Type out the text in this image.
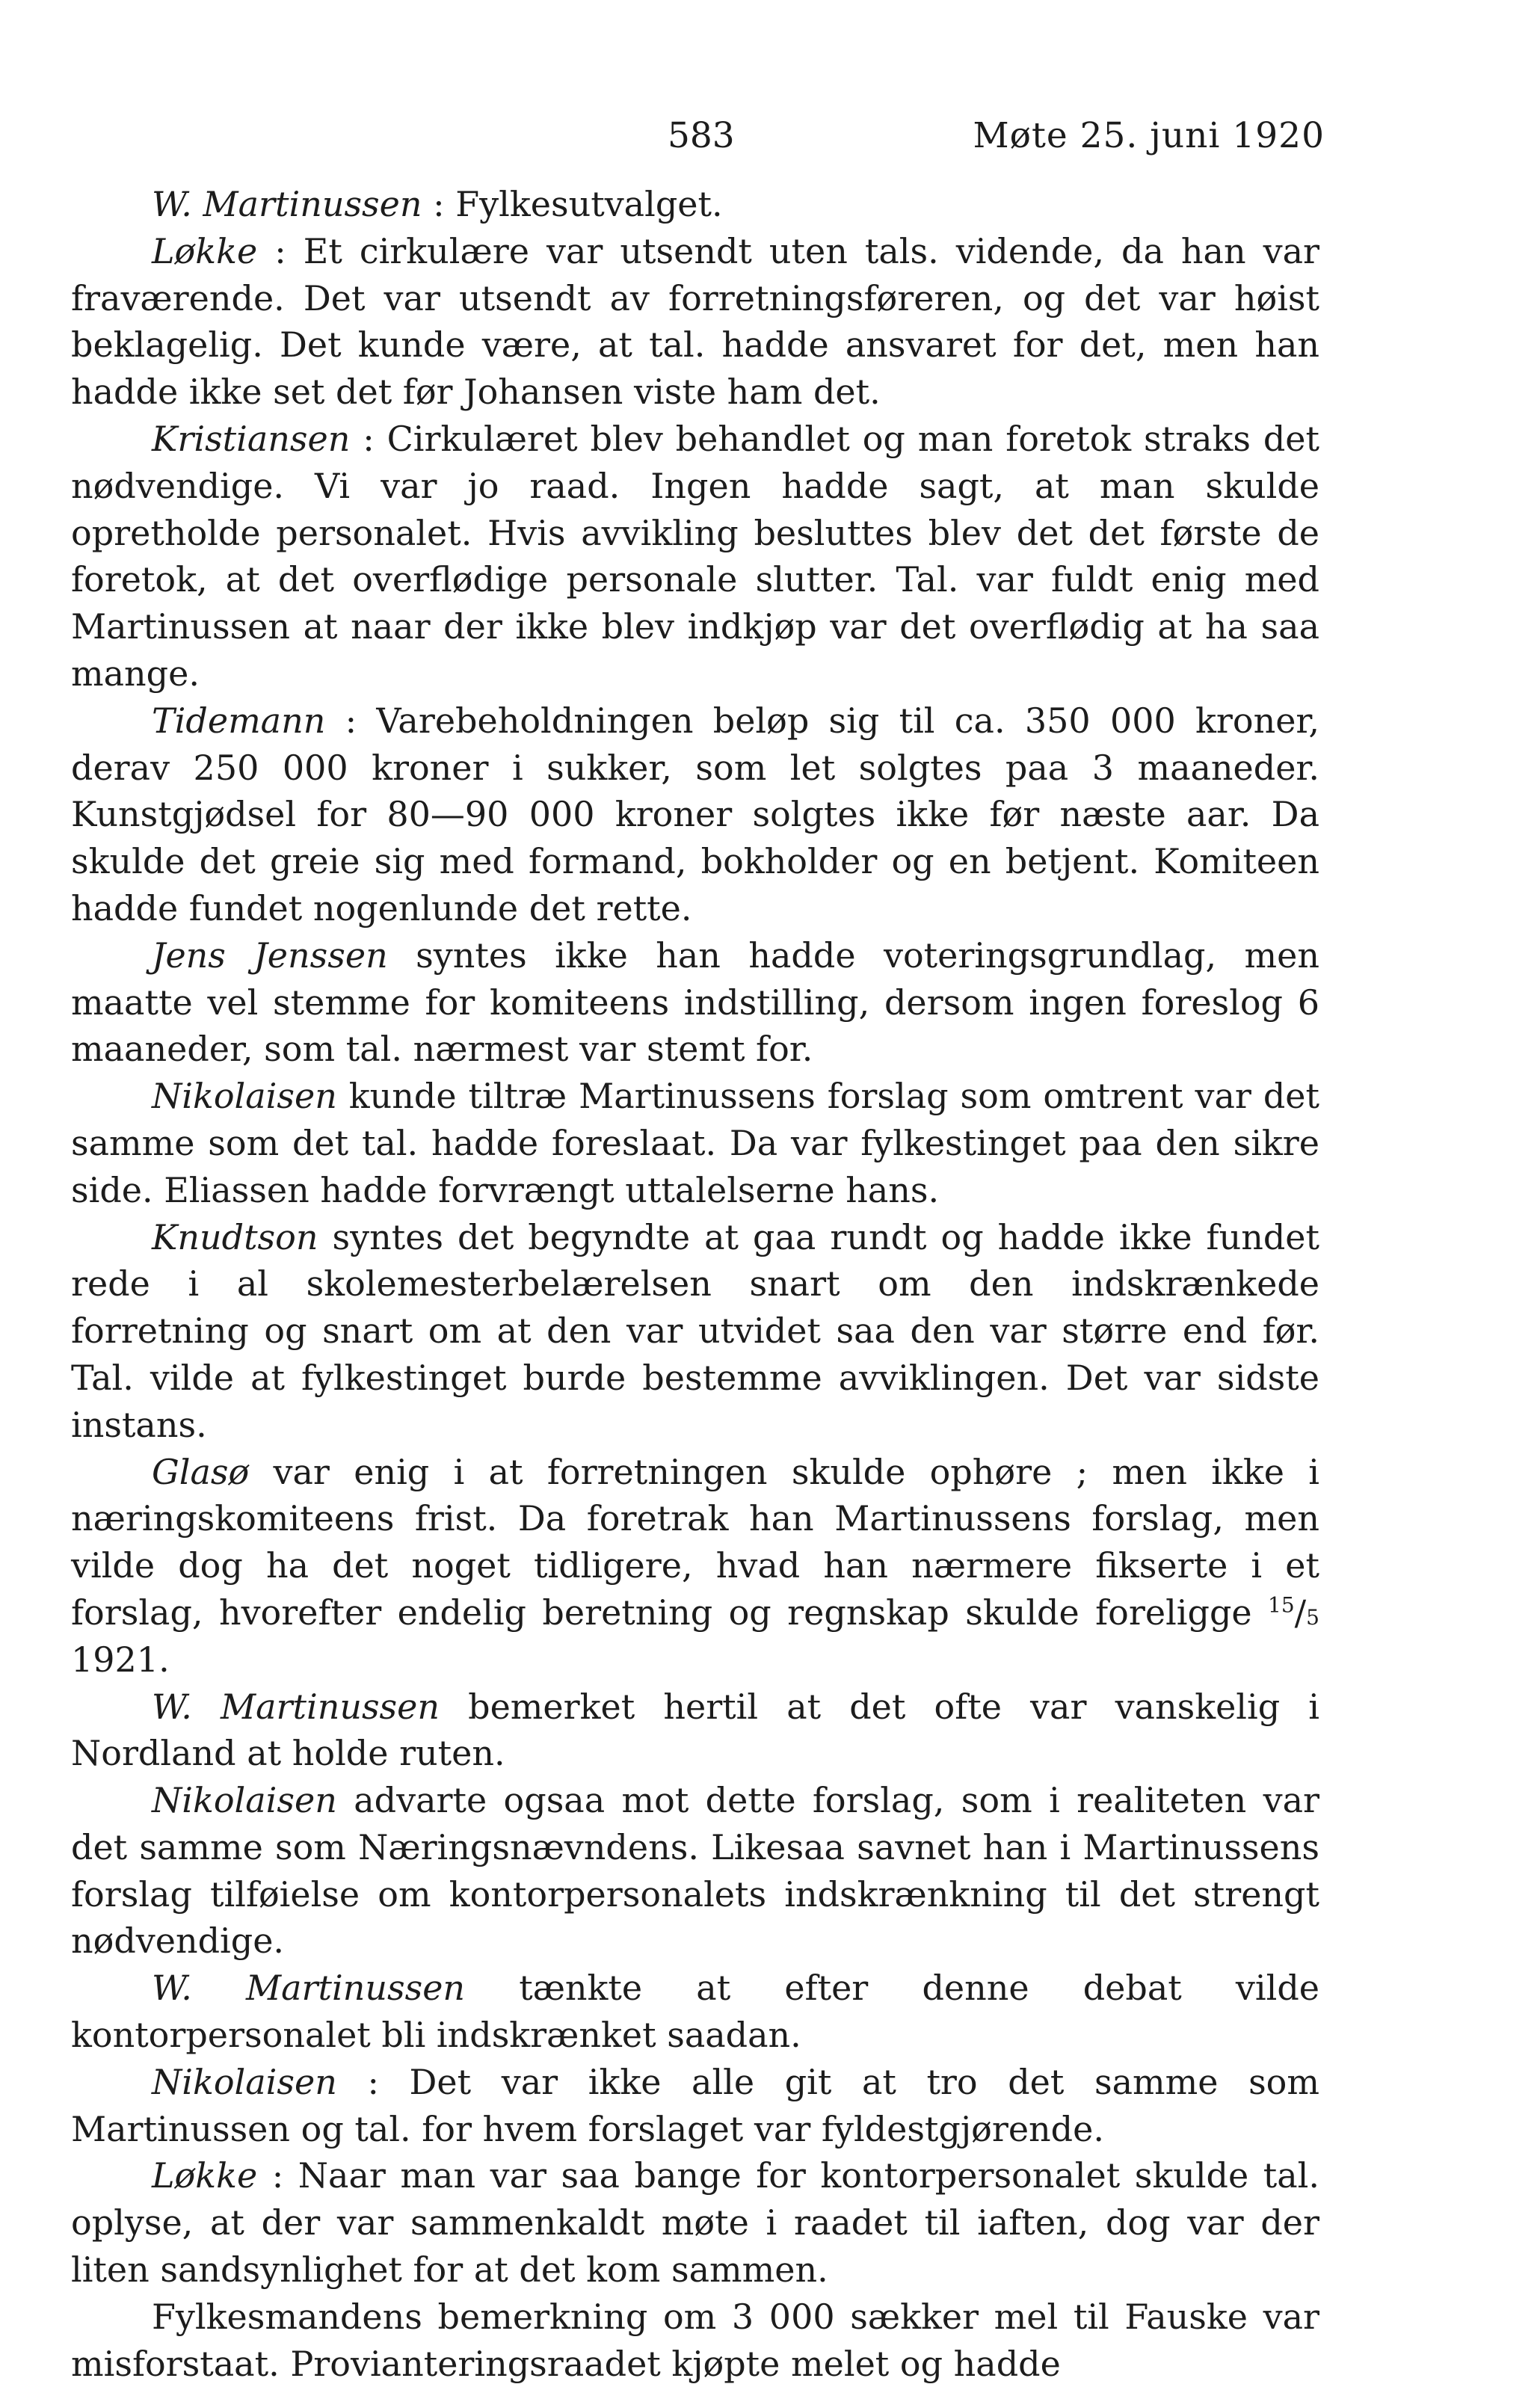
583	Møte 25. juni 1920

W. Martinussen : Fylkesutvalget.

Løkke : Et cirkulære var utsendt uten tals. vidende, da han var fraværende. Det var utsendt av forretningsføreren, og det var høist beklagelig. Det kunde være, at tal. hadde ansvaret for det, men han hadde ikke set det før Johansen viste ham det.

Kristiansen : Cirkulæret blev behandlet og man foretok straks det nødvendige. Vi var jo raad. Ingen hadde sagt, at man skulde opretholde personalet. Hvis avvikling besluttes blev det det første de foretok, at det overflødige personale slutter. Tal. var fuldt enig med Martinussen at naar der ikke blev indkjøp var det overflødig at ha saa mange.

Tidemann : Varebeholdningen beløp sig til ca. 350 000 kroner, derav 250 000 kroner i sukker, som let solgtes paa 3 maaneder. Kunstgjødsel for 80—90 000 kroner solgtes ikke før næste aar. Da skulde det greie sig med formand, bokholder og en betjent. Komiteen hadde fundet nogenlunde det rette.

Jens Jenssen syntes ikke han hadde voteringsgrundlag, men maatte vel stemme for komiteens indstilling, dersom ingen foreslog 6 maaneder, som tal. nærmest var stemt for.

Nikolaisen kunde tiltræ Martinussens forslag som omtrent var det samme som det tal. hadde foreslaat. Da var fylkestinget paa den sikre side. Eliassen hadde forvrængt uttalelserne hans.

Knudtson syntes det begyndte at gaa rundt og hadde ikke fundet rede i al skolemesterbelærelsen snart om den indskrænkede forretning og snart om at den var utvidet saa den var større end før. Tal. vilde at fylkestinget burde bestemme avviklingen. Det var sidste instans.

Glasø var enig i at forretningen skulde ophøre ; men ikke i næringskomiteens frist. Da foretrak han Martinussens forslag, men vilde dog ha det noget tidligere, hvad han nærmere fikserte i et forslag, hvorefter endelig beretning og regnskap skulde foreligge $^{15}$/5 1921.

W. Martinussen bemerket hertil at det ofte var vanskelig i Nordland at holde ruten.

Nikolaisen advarte ogsaa mot dette forslag, som i realiteten var det samme som Næringsnævndens. Likesaa savnet han i Martinussens forslag tilføielse om kontorpersonalets indskrænkning til det strengt nødvendige.

W. Martinussen tænkte at efter denne debat vilde kontorpersonalet bli indskrænket saadan.

Nikolaisen : Det var ikke alle git at tro det samme som Martinussen og tal. for hvem forslaget var fyldestgjørende.

Løkke : Naar man var saa bange for kontorpersonalet skulde tal. oplyse, at der var sammenkaldt møte i raadet til iaften, dog var der liten sandsynlighet for at det kom sammen.

Fylkesmandens bemerkning om 3 000 sækker mel til Fauske var misforstaat. Provianteringsraadet kjøpte melet og hadde
